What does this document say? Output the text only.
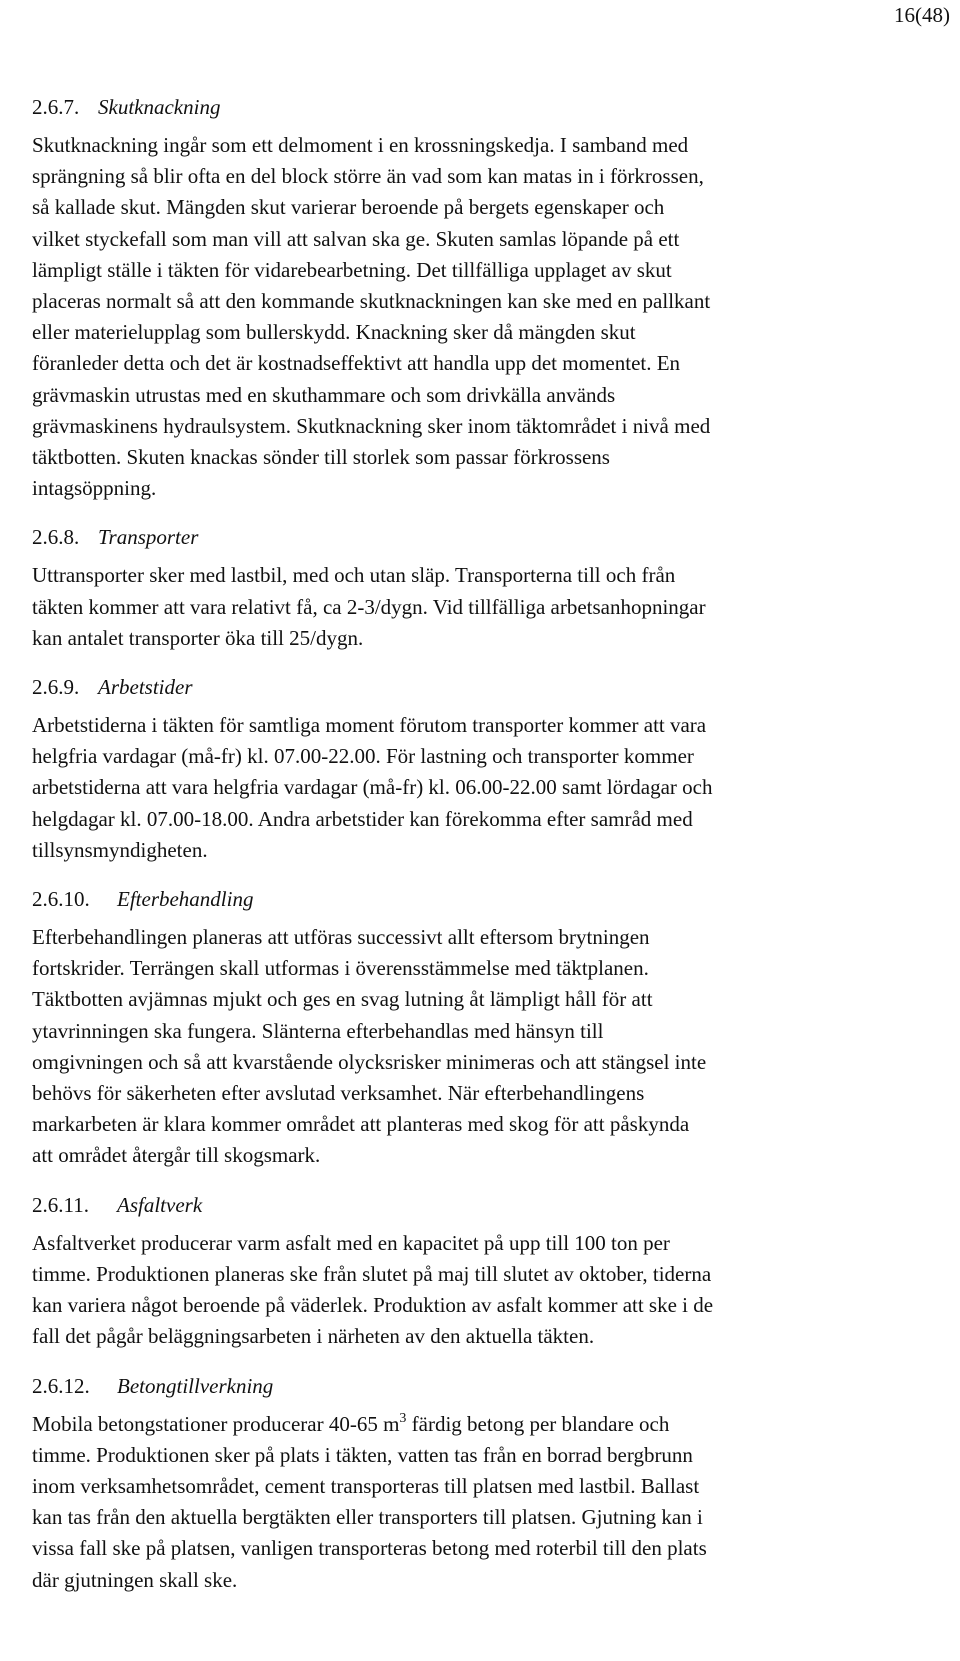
16(48)
2.6.7. Skutknackning
Skutknackning ingår som ett delmoment i en krossningskedja. I samband med
sprängning så blir ofta en del block större än vad som kan matas in i förkrossen,
så kallade skut. Mängden skut varierar beroende på bergets egenskaper och
vilket styckefall som man vill att salvan ska ge. Skuten samlas löpande på ett
lämpligt ställe i täkten för vidarebearbetning. Det tillfälliga upplaget av skut
placeras normalt så att den kommande skutknackningen kan ske med en pallkant
eller materielupplag som bullerskydd. Knackning sker då mängden skut
föranleder detta och det är kostnadseffektivt att handla upp det momentet. En
grävmaskin utrustas med en skuthammare och som drivkälla används
grävmaskinens hydraulsystem. Skutknackning sker inom täktområdet i nivå med
täktbotten. Skuten knackas sönder till storlek som passar förkrossens
intagsöppning.
2.6.8. Transporter
Uttransporter sker med lastbil, med och utan släp. Transporterna till och från
täkten kommer att vara relativt få, ca 2-3/dygn. Vid tillfälliga arbetsanhopningar
kan antalet transporter öka till 25/dygn.
2.6.9. Arbetstider
Arbetstiderna i täkten för samtliga moment förutom transporter kommer att vara
helgfria vardagar (må-fr) kl. 07.00-22.00. För lastning och transporter kommer
arbetstiderna att vara helgfria vardagar (må-fr) kl. 06.00-22.00 samt lördagar och
helgdagar kl. 07.00-18.00. Andra arbetstider kan förekomma efter samråd med
tillsynsmyndigheten.
2.6.10. Efterbehandling
Efterbehandlingen planeras att utföras successivt allt eftersom brytningen
fortskrider. Terrängen skall utformas i överensstämmelse med täktplanen.
Täktbotten avjämnas mjukt och ges en svag lutning åt lämpligt håll för att
ytavrinningen ska fungera. Slänterna efterbehandlas med hänsyn till
omgivningen och så att kvarstående olycksrisker minimeras och att stängsel inte
behövs för säkerheten efter avslutad verksamhet. När efterbehandlingens
markarbeten är klara kommer området att planteras med skog för att påskynda
att området återgår till skogsmark.
2.6.11. Asfaltverk
Asfaltverket producerar varm asfalt med en kapacitet på upp till 100 ton per
timme. Produktionen planeras ske från slutet på maj till slutet av oktober, tiderna
kan variera något beroende på väderlek. Produktion av asfalt kommer att ske i de
fall det pågår beläggningsarbeten i närheten av den aktuella täkten.
2.6.12. Betongtillverkning
Mobila betongstationer producerar 40-65 $m^3$ färdig betong per blandare och
timme. Produktionen sker på plats i täkten, vatten tas från en borrad bergbrunn
inom verksamhetsområdet, cement transporteras till platsen med lastbil. Ballast
kan tas från den aktuella bergtäkten eller transporters till platsen. Gjutning kan i
vissa fall ske på platsen, vanligen transporteras betong med roterbil till den plats
där gjutningen skall ske.
